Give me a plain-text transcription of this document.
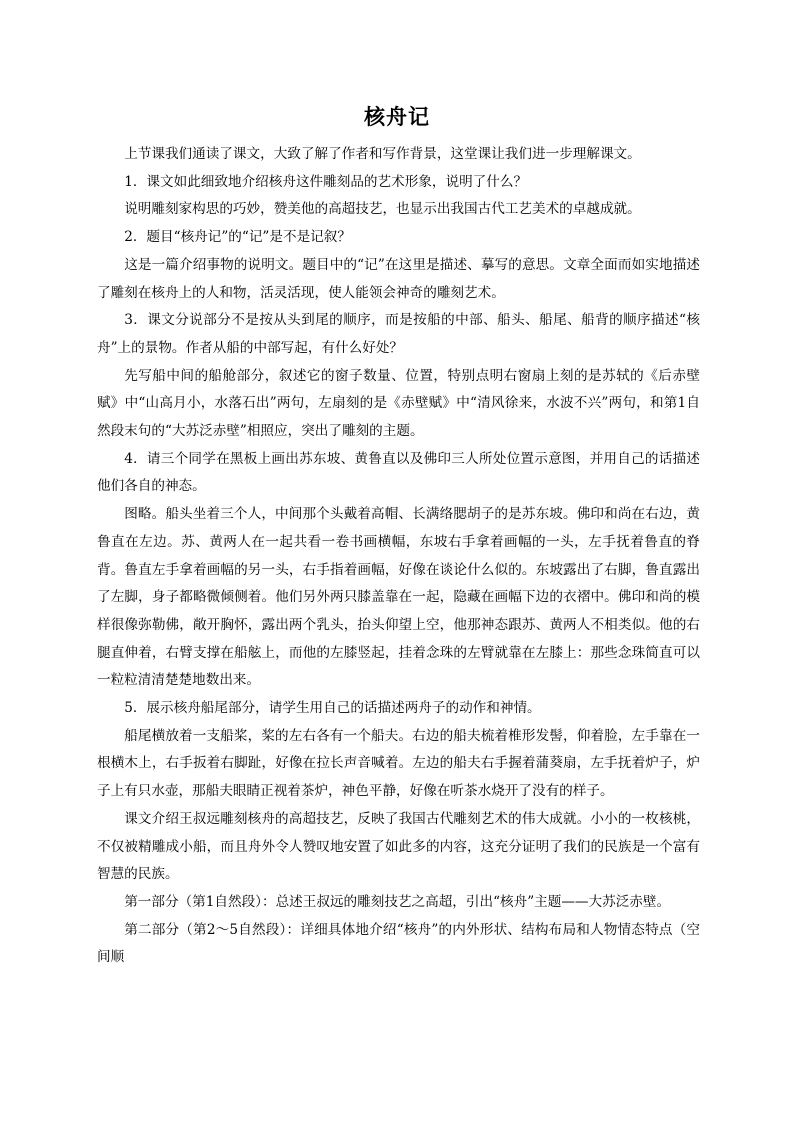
核舟记

上节课我们通读了课文，大致了解了作者和写作背景，这堂课让我们进一步理解课文。

1．课文如此细致地介绍核舟这件雕刻品的艺术形象，说明了什么？

说明雕刻家构思的巧妙，赞美他的高超技艺，也显示出我国古代工艺美术的卓越成就。

2．题目“核舟记”的“记”是不是记叙？

这是一篇介绍事物的说明文。题目中的“记”在这里是描述、摹写的意思。文章全面而如实地描述了雕刻在核舟上的人和物，活灵活现，使人能领会神奇的雕刻艺术。

3．课文分说部分不是按从头到尾的顺序，而是按船的中部、船头、船尾、船背的顺序描述“核舟”上的景物。作者从船的中部写起，有什么好处？

先写船中间的船舱部分，叙述它的窗子数量、位置，特别点明右窗扇上刻的是苏轼的《后赤壁赋》中“山高月小，水落石出”两句，左扇刻的是《赤壁赋》中“清风徐来，水波不兴”两句，和第1自然段末句的“大苏泛赤壁”相照应，突出了雕刻的主题。

4．请三个同学在黑板上画出苏东坡、黄鲁直以及佛印三人所处位置示意图，并用自己的话描述他们各自的神态。

图略。船头坐着三个人，中间那个头戴着高帽、长满络腮胡子的是苏东坡。佛印和尚在右边，黄鲁直在左边。苏、黄两人在一起共看一卷书画横幅，东坡右手拿着画幅的一头，左手抚着鲁直的脊背。鲁直左手拿着画幅的另一头，右手指着画幅，好像在谈论什么似的。东坡露出了右脚，鲁直露出了左脚，身子都略微倾侧着。他们另外两只膝盖靠在一起，隐藏在画幅下边的衣褶中。佛印和尚的模样很像弥勒佛，敞开胸怀，露出两个乳头，抬头仰望上空，他那神态跟苏、黄两人不相类似。他的右腿直伸着，右臂支撑在船舷上，而他的左膝竖起，挂着念珠的左臂就靠在左膝上：那些念珠简直可以一粒粒清清楚楚地数出来。

5．展示核舟船尾部分，请学生用自己的话描述两舟子的动作和神情。

船尾横放着一支船桨，桨的左右各有一个船夫。右边的船夫梳着椎形发髻，仰着脸，左手靠在一根横木上，右手扳着右脚趾，好像在拉长声音喊着。左边的船夫右手握着蒲葵扇，左手抚着炉子，炉子上有只水壶，那船夫眼睛正视着茶炉，神色平静，好像在听茶水烧开了没有的样子。

课文介绍王叔远雕刻核舟的高超技艺，反映了我国古代雕刻艺术的伟大成就。小小的一枚核桃，不仅被精雕成小船，而且舟外令人赞叹地安置了如此多的内容，这充分证明了我们的民族是一个富有智慧的民族。

第一部分（第1自然段）：总述王叔远的雕刻技艺之高超，引出“核舟”主题——大苏泛赤壁。

第二部分（第2～5自然段）：详细具体地介绍“核舟”的内外形状、结构布局和人物情态特点（空间顺
